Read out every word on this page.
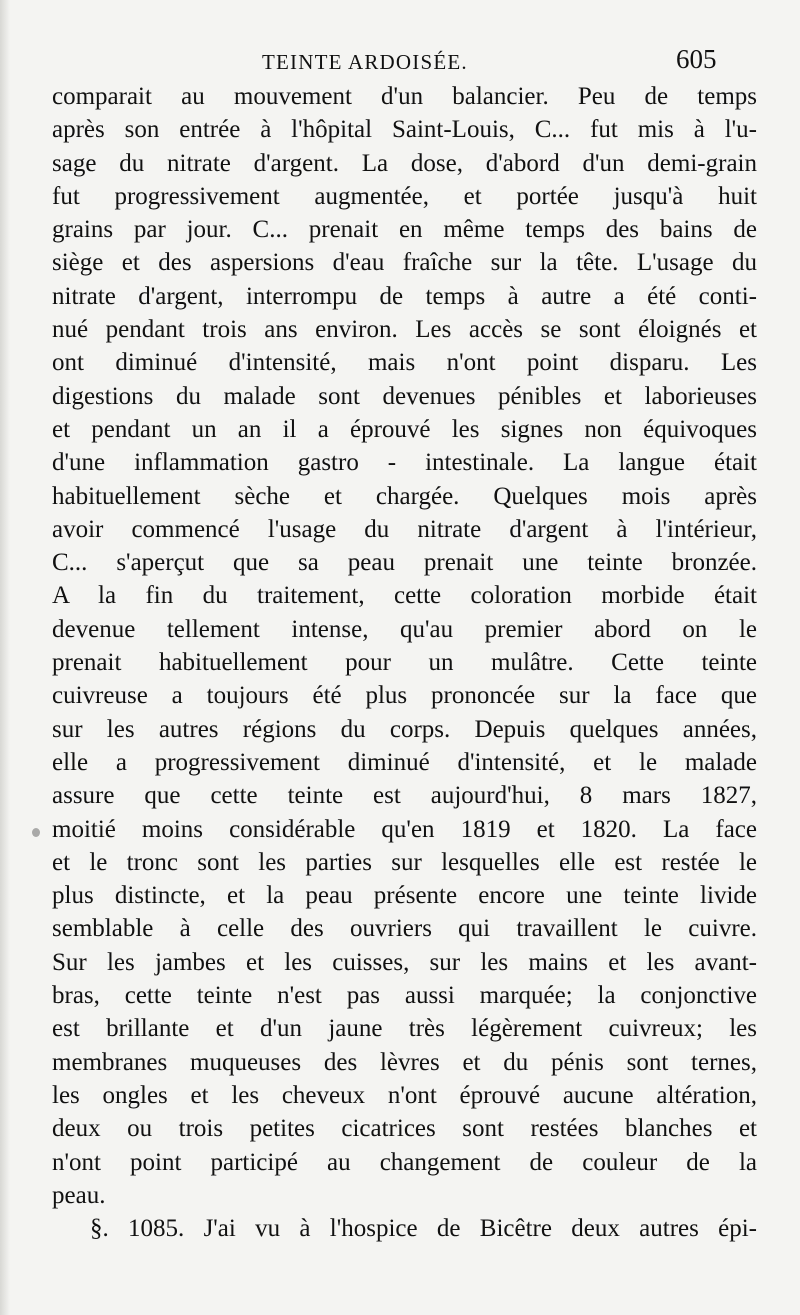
TEINTE ARDOISÉE.	605
comparait au mouvement d'un balancier. Peu de temps
après son entrée à l'hôpital Saint-Louis, C... fut mis à l'u-
sage du nitrate d'argent. La dose, d'abord d'un demi-grain
fut progressivement augmentée, et portée jusqu'à huit
grains par jour. C... prenait en même temps des bains de
siège et des aspersions d'eau fraîche sur la tête. L'usage du
nitrate d'argent, interrompu de temps à autre a été conti-
nué pendant trois ans environ. Les accès se sont éloignés et
ont diminué d'intensité, mais n'ont point disparu. Les
digestions du malade sont devenues pénibles et laborieuses
et pendant un an il a éprouvé les signes non équivoques
d'une inflammation gastro - intestinale. La langue était
habituellement sèche et chargée. Quelques mois après
avoir commencé l'usage du nitrate d'argent à l'intérieur,
C... s'aperçut que sa peau prenait une teinte bronzée.
A la fin du traitement, cette coloration morbide était
devenue tellement intense, qu'au premier abord on le
prenait habituellement pour un mulâtre. Cette teinte
cuivreuse a toujours été plus prononcée sur la face que
sur les autres régions du corps. Depuis quelques années,
elle a progressivement diminué d'intensité, et le malade
assure que cette teinte est aujourd'hui, 8 mars 1827,
moitié moins considérable qu'en 1819 et 1820. La face
et le tronc sont les parties sur lesquelles elle est restée le
plus distincte, et la peau présente encore une teinte livide
semblable à celle des ouvriers qui travaillent le cuivre.
Sur les jambes et les cuisses, sur les mains et les avant-
bras, cette teinte n'est pas aussi marquée; la conjonctive
est brillante et d'un jaune très légèrement cuivreux; les
membranes muqueuses des lèvres et du pénis sont ternes,
les ongles et les cheveux n'ont éprouvé aucune altération,
deux ou trois petites cicatrices sont restées blanches et
n'ont point participé au changement de couleur de la
peau.
§. 1085. J'ai vu à l'hospice de Bicêtre deux autres épi-
